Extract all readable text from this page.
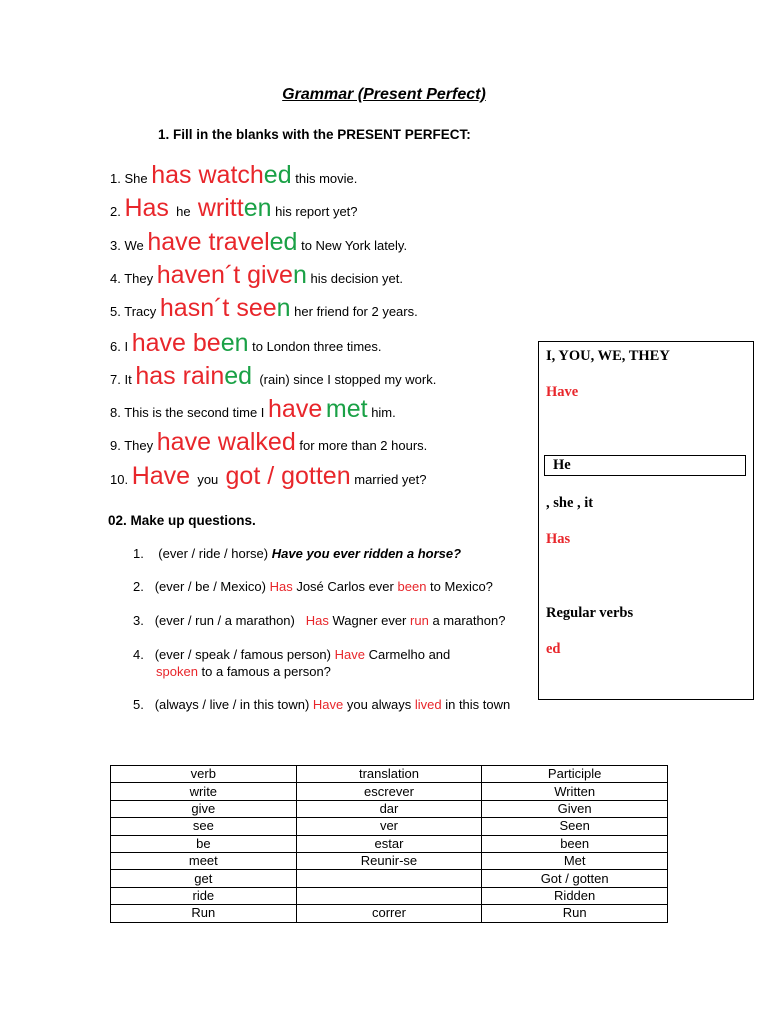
Grammar (Present Perfect)
1. Fill in the blanks with the PRESENT PERFECT:
1. She has watched this movie.
2. Has he written his report yet?
3. We have traveled to New York lately.
4. They haven´t given his decision yet.
5. Tracy hasn´t seen her friend for 2 years.
6. I have been to London three times.
7. It has rained (rain) since I stopped my work.
8. This is the second time I have met him.
9. They have walked for more than 2 hours.
10. Have you got / gotten married yet?
02. Make up questions.
1. (ever / ride / horse) Have you ever ridden a horse?
2. (ever / be / Mexico) Has José Carlos ever been to Mexico?
3. (ever / run / a marathon) Has Wagner ever run a marathon?
4. (ever / speak / famous person) Have Carmelho and
spoken to a famous a person?
5. (always / live / in this town) Have you always lived in this town
I, YOU, WE, THEY
Have
He
, she , it
Has
Regular verbs
ed
verb	translation	Participle
write	escrever	Written
give	dar	Given
see	ver	Seen
be	estar	been
meet	Reunir-se	Met
get		Got / gotten
ride		Ridden
Run	correr	Run
